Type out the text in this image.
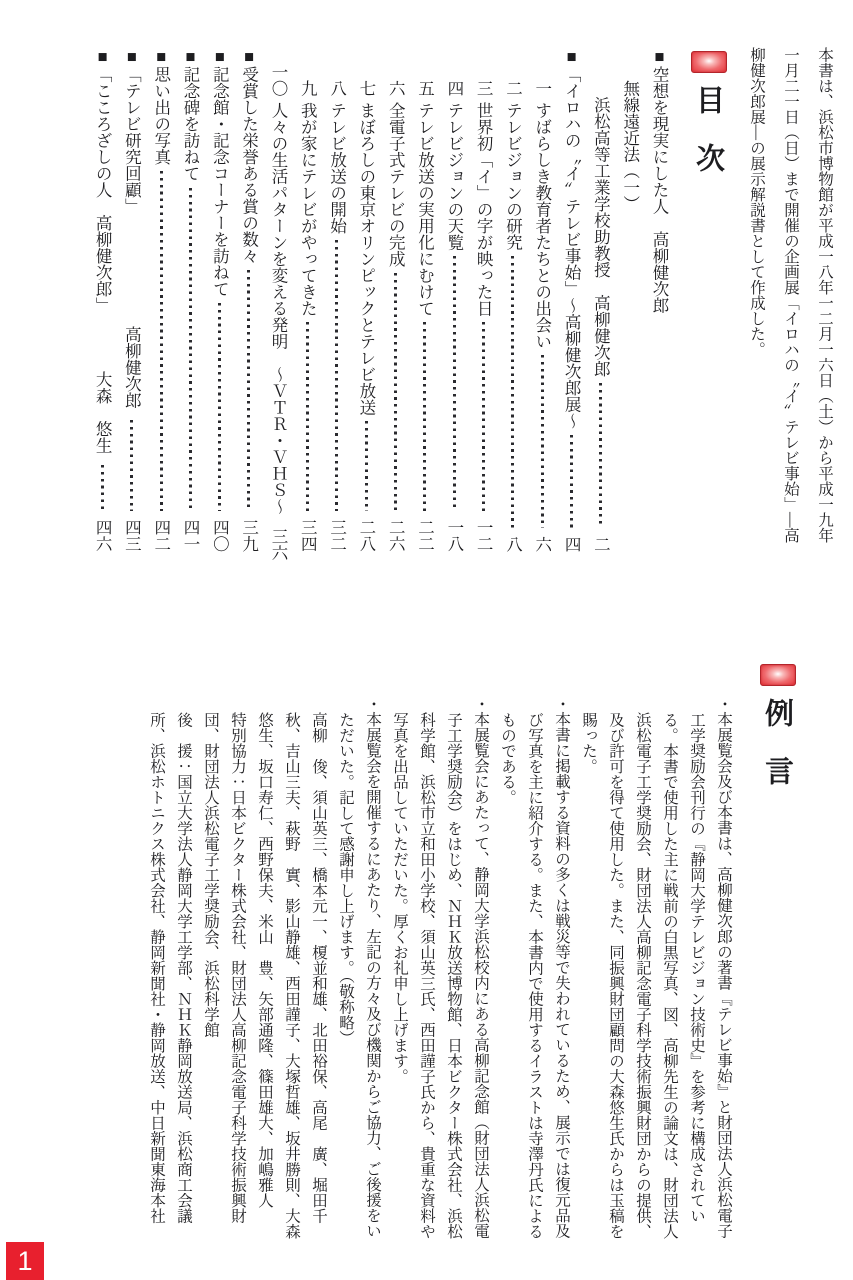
本書は、浜松市博物館が平成一八年一二月一六日（土）から平成一九年一月二一日（日）まで開催の企画展「イロハの〝イ〟テレビ事始」―高柳健次郎展―の展示解説書として作成した。

目　次
■空想を現実にした人　高柳健次郎
　　無線遠近法（一）
　　　浜松高等工業学校助教授　高柳健次郎
二
■「イロハの〝イ〟テレビ事始」～高柳健次郎展～
四
　　一
すばらしき教育者たちとの出会い
六
　　二
テレビジョンの研究
八
　　三
世界初「イ」の字が映った日
一二
　　四
テレビジョンの天覧
一八
　　五
テレビ放送の実用化にむけて
二二
　　六
全電子式テレビの完成
二六
　　七
まぼろしの東京オリンピックとテレビ放送
二八
　　八
テレビ放送の開始
三二
　　九
我が家にテレビがやってきた
三四
　一〇
人々の生活パターンを変える発明　～ＶＴＲ・ＶＨＳ～
三六
■受賞した栄誉ある賞の数々
三九
■記念館・記念コーナーを訪ねて
四〇
■記念碑を訪ねて
四一
■思い出の写真
四二
■「テレビ研究回顧」
高柳健次郎
四三
■「こころざしの人　高柳健次郎」
大森　悠生
四六
例　言

・本展覧会及び本書は、高柳健次郎の著書『テレビ事始』と財団法人浜松電子工学奨励会刊行の『静岡大学テレビジョン技術史』を参考に構成されている。本書で使用した主に戦前の白黒写真、図、高柳先生の論文は、財団法人浜松電子工学奨励会、財団法人高柳記念電子科学技術振興財団からの提供、及び許可を得て使用した。また、同振興財団顧問の大森悠生氏からは玉稿を賜った。

・本書に掲載する資料の多くは戦災等で失われているため、展示では復元品及び写真を主に紹介する。また、本書内で使用するイラストは寺澤丹氏によるものである。

・本展覧会にあたって、静岡大学浜松校内にある高柳記念館（財団法人浜松電子工学奨励会）をはじめ、ＮＨＫ放送博物館、日本ビクター株式会社、浜松科学館、浜松市立和田小学校、須山英三氏、西田謹子氏から、貴重な資料や写真を出品していただいた。厚くお礼申し上げます。

・本展覧会を開催するにあたり、左記の方々及び機関からご協力、ご後援をいただいた。記して感謝申し上げます。（敬称略）

高柳　俊、須山英三、橋本元一、榎並和雄、北田裕保、高尾　廣、堀田千秋、吉山三夫、萩野　實、影山静雄、西田謹子、大塚哲雄、坂井勝則、大森悠生、坂口寿仁、西野保夫、米山　豊、矢部通隆、篠田雄大、加嶋雅人

特別協力：日本ビクター株式会社、財団法人高柳記念電子科学技術振興財団、財団法人浜松電子工学奨励会、浜松科学館

後　援：国立大学法人静岡大学工学部、ＮＨＫ静岡放送局、浜松商工会議所、浜松ホトニクス株式会社、静岡新聞社・静岡放送、中日新聞東海本社

1
